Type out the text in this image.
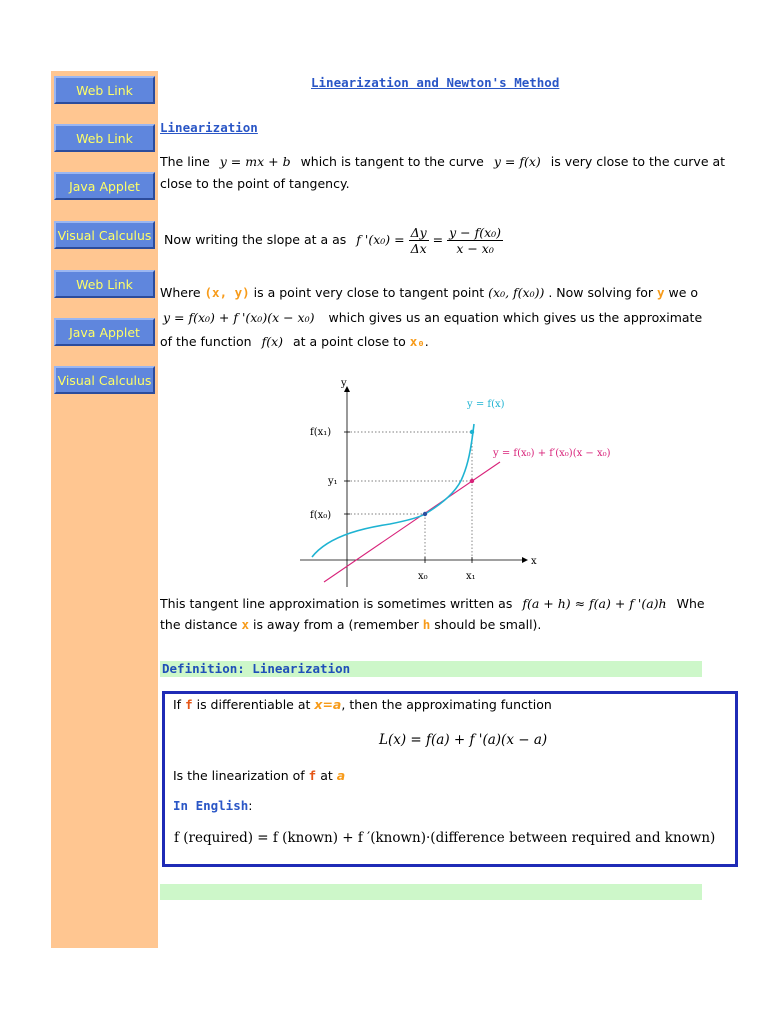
Web Link
Web Link
Java Applet
Visual Calculus
Web Link
Java Applet
Visual Calculus
Linearization and Newton's Method
Linearization
The line y = mx + b which is tangent to the curve y = f(x) is very close to the curve at
close to the point of tangency.
Now writing the slope at a as f '$(x_0) = \frac{\Delta y}{\Delta x} = \frac{\text{y − f(x₀)}}{\text{x − x₀}}$
Where (x, y) is a point very close to tangent point (x₀, f(x₀)) . Now solving for y we o
y = f(x₀) + f '(x₀)(x − x₀) which gives us an equation which gives us the approximate
of the function f(x) at a point close to x₀.
y
x
f(x₁)
y₁
f(x₀)
x₀	x₁
y = f(x)
y = f(x₀) + f′(x₀)(x − x₀)
This tangent line approximation is sometimes written as f(a + h) ≈ f(a) + f '(a)h Whe
the distance x is away from a (remember h should be small).
Definition: Linearization
If f is differentiable at x=a, then the approximating function
L(x) = f(a) + f '(a)(x − a)
Is the linearization of f at a
In English:
f (required) = f (known) + f ′(known)·(difference between required and known)
